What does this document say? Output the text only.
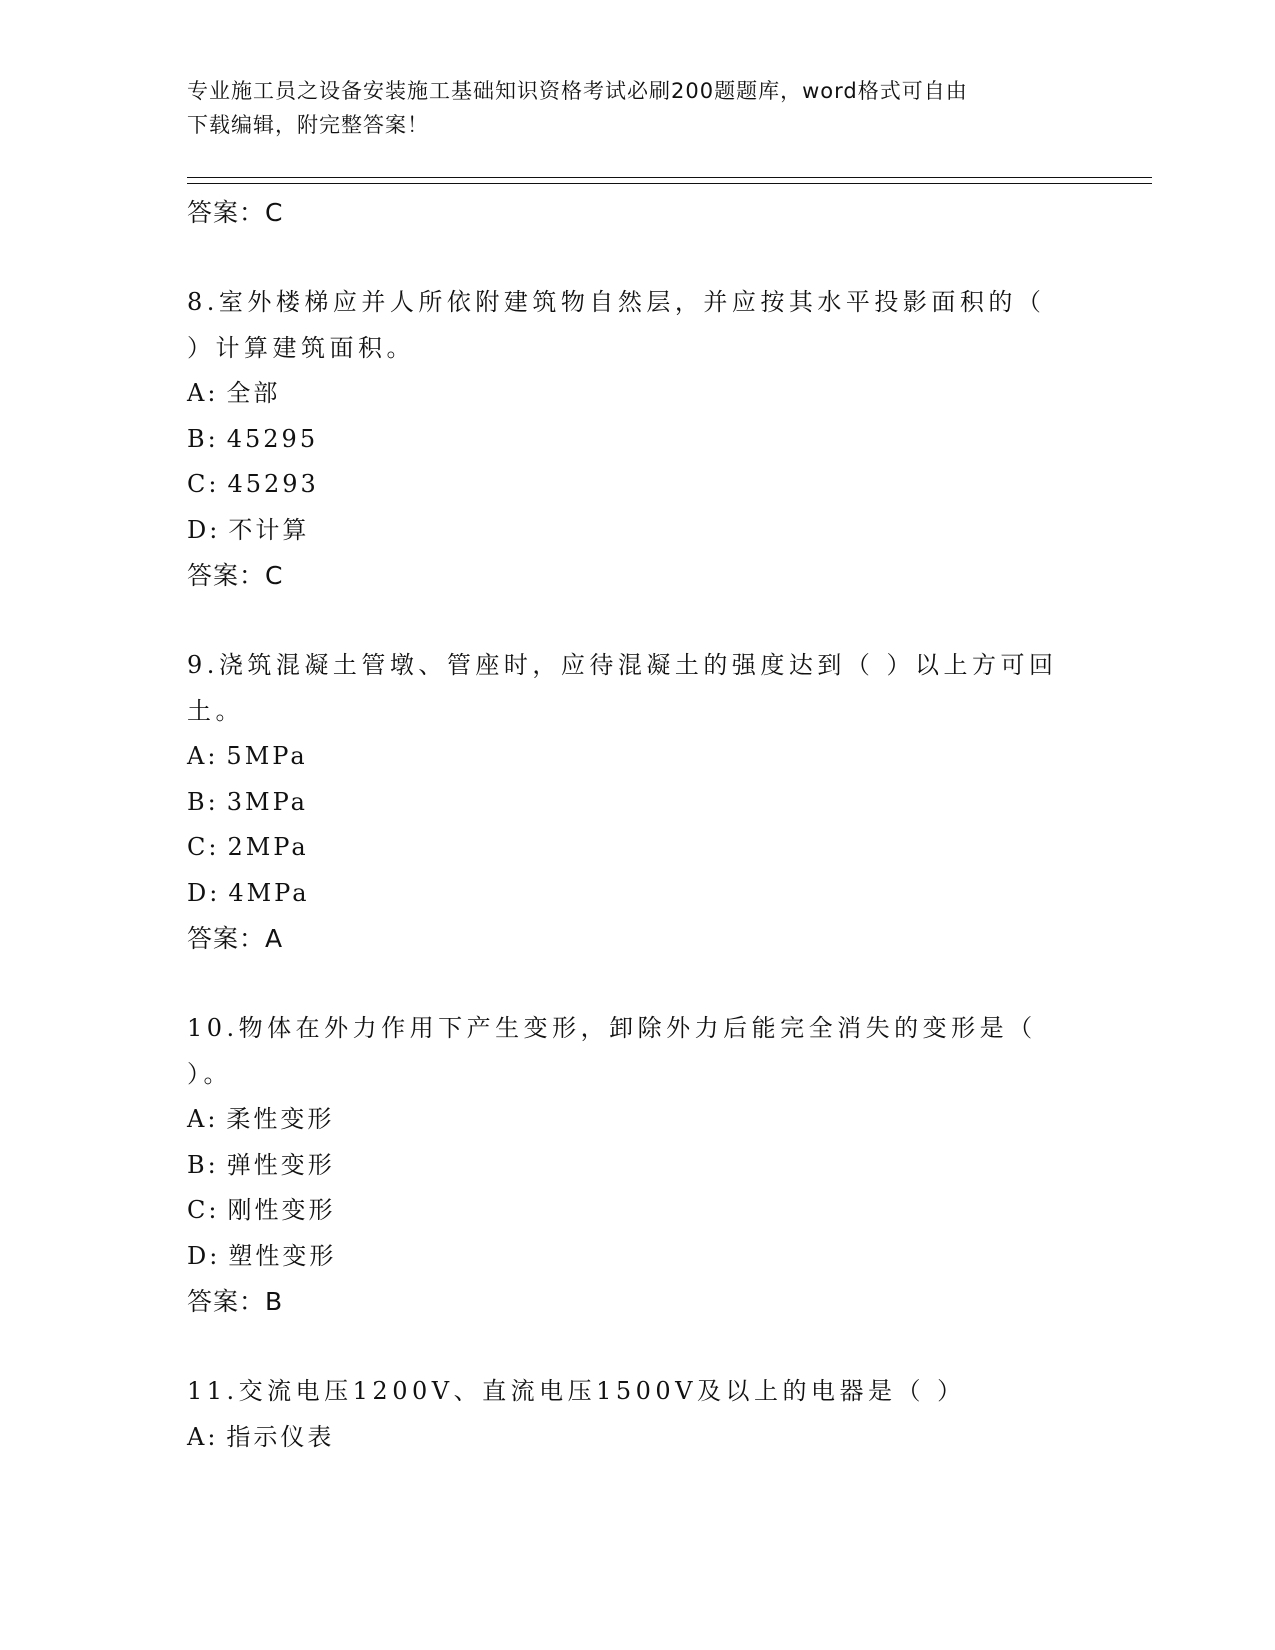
专业施工员之设备安装施工基础知识资格考试必刷200题题库，word格式可自由
下载编辑，附完整答案！
答案：C
8.室外楼梯应并人所依附建筑物自然层，并应按其水平投影面积的（
）计算建筑面积。
A: 全部
B: 45295
C: 45293
D: 不计算
答案：C
9.浇筑混凝土管墩、管座时，应待混凝土的强度达到（ ）以上方可回
土。
A: 5MPa
B: 3MPa
C: 2MPa
D: 4MPa
答案：A
10.物体在外力作用下产生变形，卸除外力后能完全消失的变形是（
）。
A: 柔性变形
B: 弹性变形
C: 刚性变形
D: 塑性变形
答案：B
11.交流电压1200V、直流电压1500V及以上的电器是（ ）
A: 指示仪表
